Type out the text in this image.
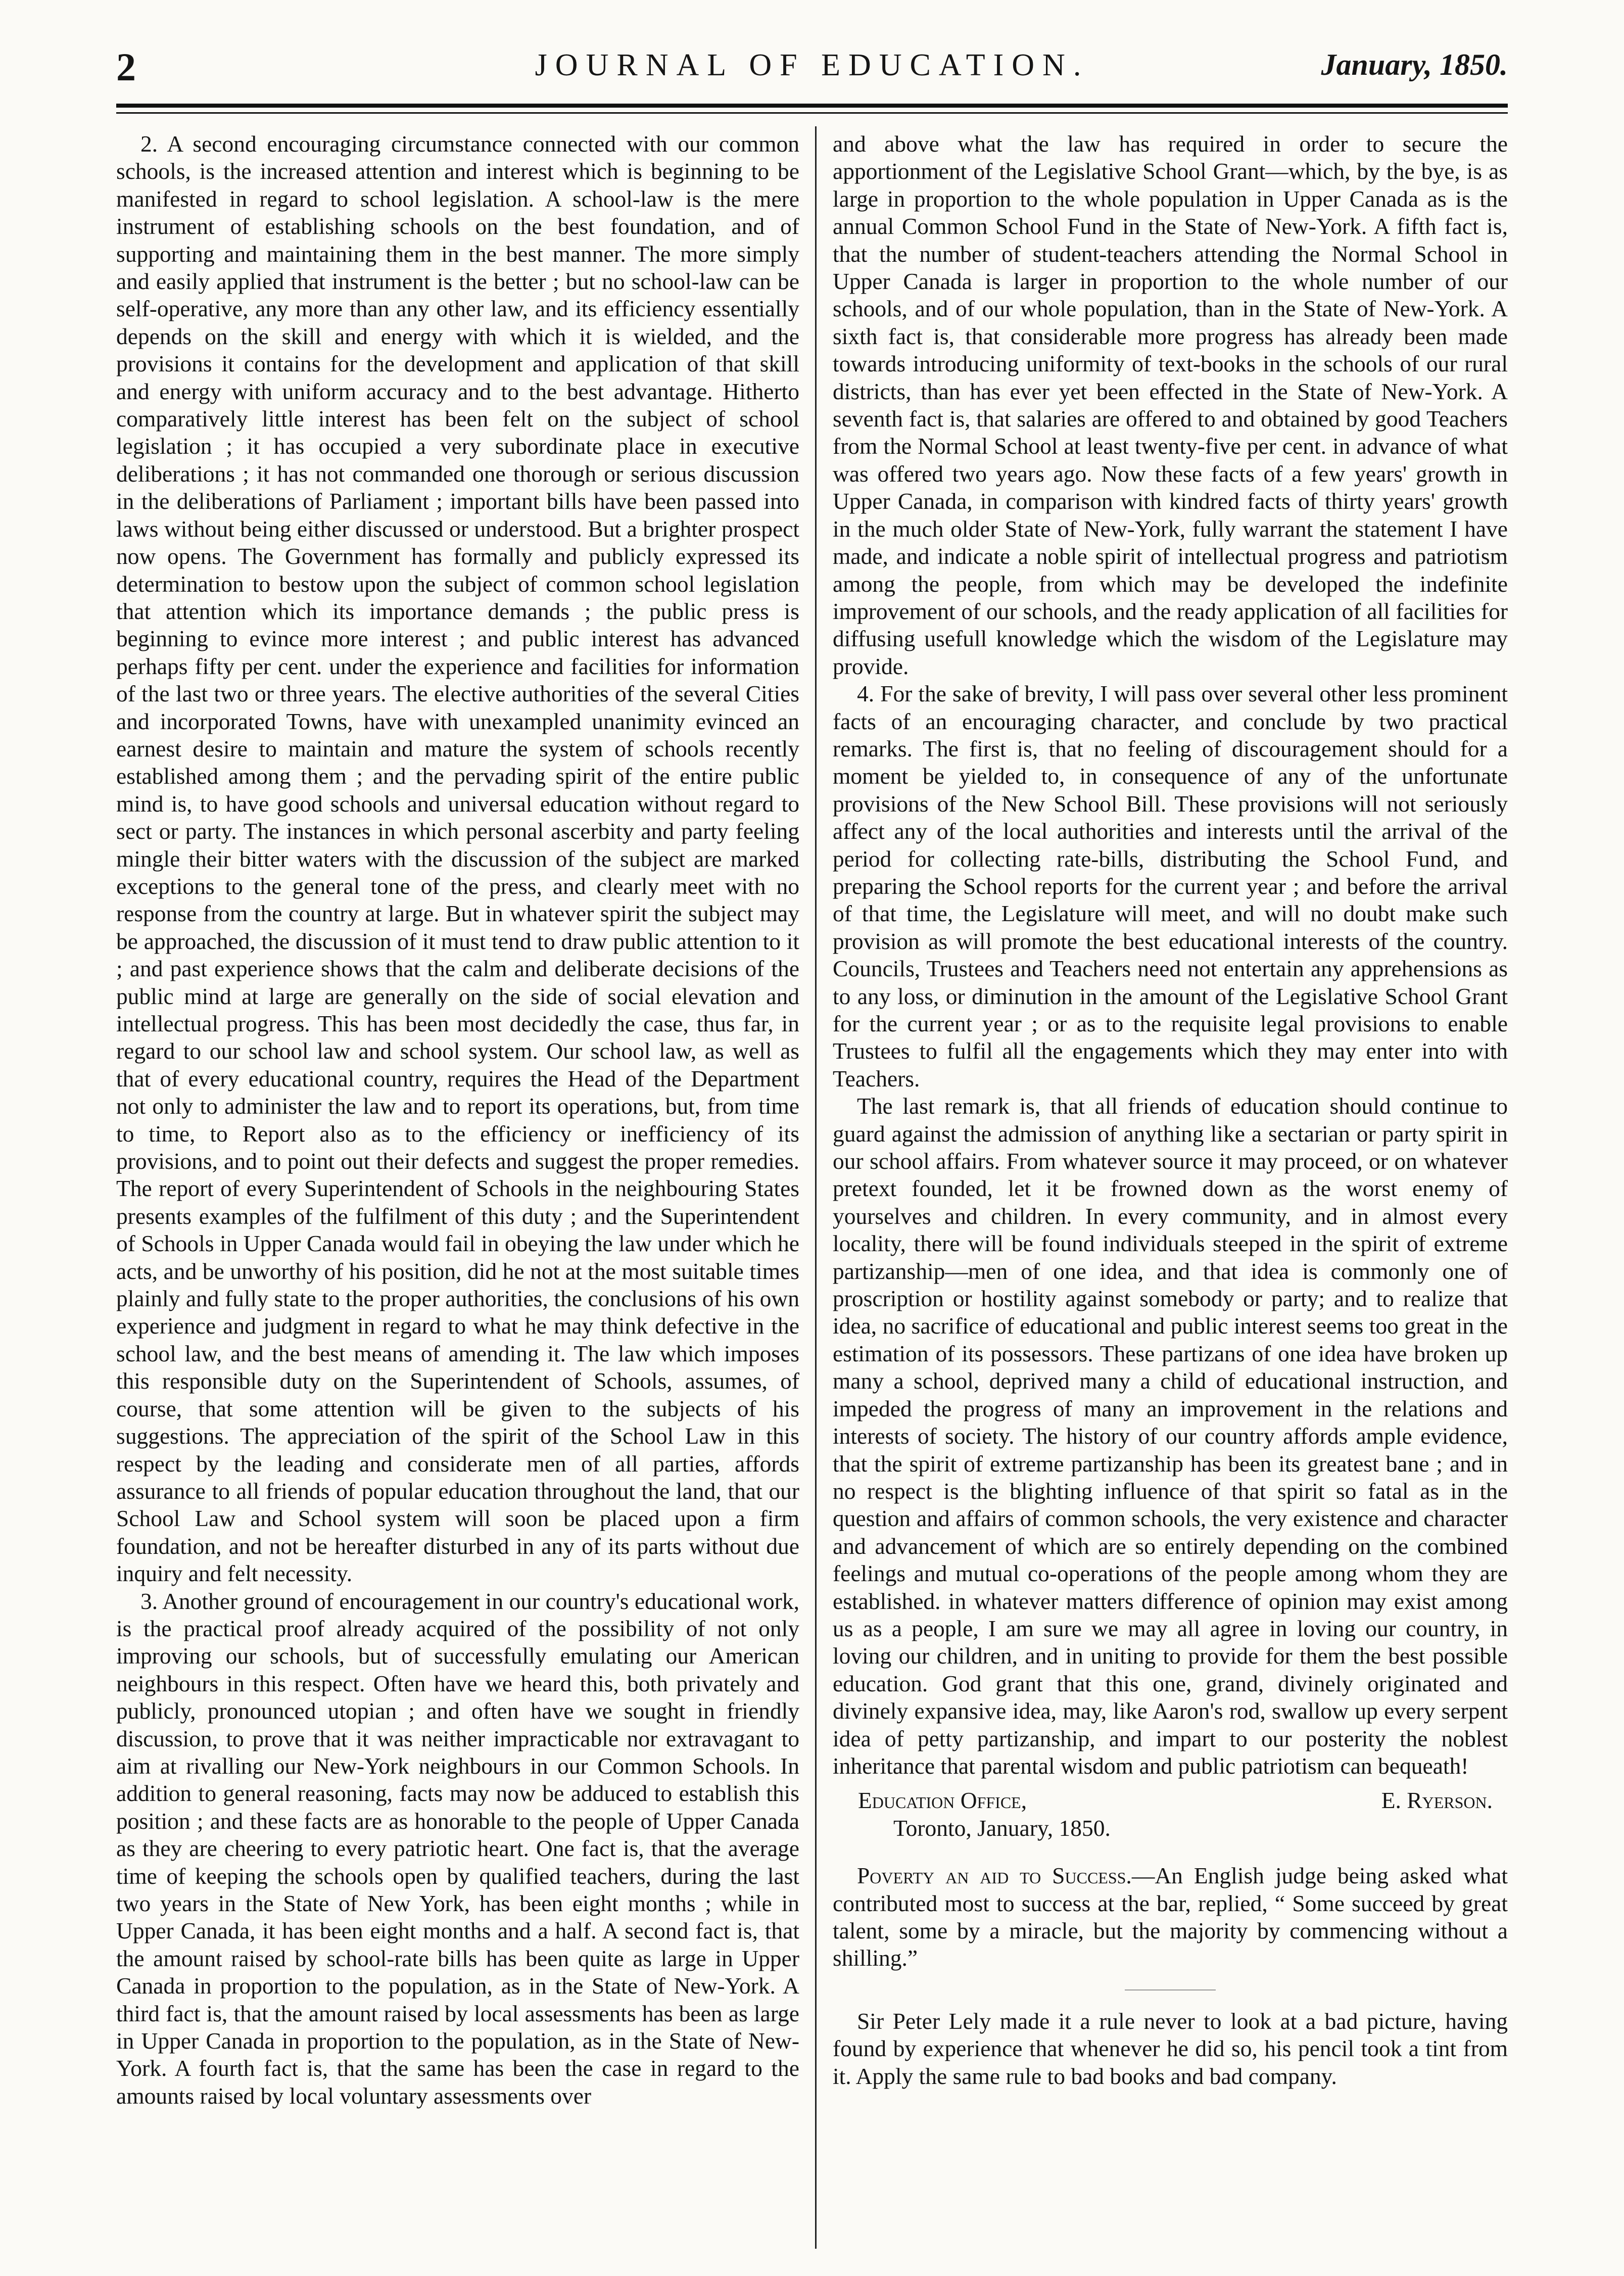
2	JOURNAL OF EDUCATION.	January, 1850.

2. A second encouraging circumstance connected with our common schools, is the increased attention and interest which is beginning to be manifested in regard to school legislation. A school-law is the mere instrument of establishing schools on the best foundation, and of supporting and maintaining them in the best manner. The more simply and easily applied that instrument is the better ; but no school-law can be self-operative, any more than any other law, and its efficiency essentially depends on the skill and energy with which it is wielded, and the provisions it contains for the development and application of that skill and energy with uniform accuracy and to the best advantage. Hitherto comparatively little interest has been felt on the subject of school legislation ; it has occupied a very subordinate place in executive deliberations ; it has not commanded one thorough or serious discussion in the deliberations of Parliament ; important bills have been passed into laws without being either discussed or understood. But a brighter prospect now opens. The Government has formally and publicly expressed its determination to bestow upon the subject of common school legislation that attention which its importance demands ; the public press is beginning to evince more interest ; and public interest has advanced perhaps fifty per cent. under the experience and facilities for information of the last two or three years. The elective authorities of the several Cities and incorporated Towns, have with unexampled unanimity evinced an earnest desire to maintain and mature the system of schools recently established among them ; and the pervading spirit of the entire public mind is, to have good schools and universal education without regard to sect or party. The instances in which personal ascerbity and party feeling mingle their bitter waters with the discussion of the subject are marked exceptions to the general tone of the press, and clearly meet with no response from the country at large. But in whatever spirit the subject may be approached, the discussion of it must tend to draw public attention to it ; and past experience shows that the calm and deliberate decisions of the public mind at large are generally on the side of social elevation and intellectual progress. This has been most decidedly the case, thus far, in regard to our school law and school system. Our school law, as well as that of every educational country, requires the Head of the Department not only to administer the law and to report its operations, but, from time to time, to Report also as to the efficiency or inefficiency of its provisions, and to point out their defects and suggest the proper remedies. The report of every Superintendent of Schools in the neighbouring States presents examples of the fulfilment of this duty ; and the Superintendent of Schools in Upper Canada would fail in obeying the law under which he acts, and be unworthy of his position, did he not at the most suitable times plainly and fully state to the proper authorities, the conclusions of his own experience and judgment in regard to what he may think defective in the school law, and the best means of amending it. The law which imposes this responsible duty on the Superintendent of Schools, assumes, of course, that some attention will be given to the subjects of his suggestions. The appreciation of the spirit of the School Law in this respect by the leading and considerate men of all parties, affords assurance to all friends of popular education throughout the land, that our School Law and School system will soon be placed upon a firm foundation, and not be hereafter disturbed in any of its parts without due inquiry and felt necessity.

3. Another ground of encouragement in our country's educational work, is the practical proof already acquired of the possibility of not only improving our schools, but of successfully emulating our American neighbours in this respect. Often have we heard this, both privately and publicly, pronounced utopian ; and often have we sought in friendly discussion, to prove that it was neither impracticable nor extravagant to aim at rivalling our New-York neighbours in our Common Schools. In addition to general reasoning, facts may now be adduced to establish this position ; and these facts are as honorable to the people of Upper Canada as they are cheering to every patriotic heart. One fact is, that the average time of keeping the schools open by qualified teachers, during the last two years in the State of New York, has been eight months ; while in Upper Canada, it has been eight months and a half. A second fact is, that the amount raised by school-rate bills has been quite as large in Upper Canada in proportion to the population, as in the State of New-York. A third fact is, that the amount raised by local assessments has been as large in Upper Canada in proportion to the population, as in the State of New-York. A fourth fact is, that the same has been the case in regard to the amounts raised by local voluntary assessments over

and above what the law has required in order to secure the apportionment of the Legislative School Grant—which, by the bye, is as large in proportion to the whole population in Upper Canada as is the annual Common School Fund in the State of New-York. A fifth fact is, that the number of student-teachers attending the Normal School in Upper Canada is larger in proportion to the whole number of our schools, and of our whole population, than in the State of New-York. A sixth fact is, that considerable more progress has already been made towards introducing uniformity of text-books in the schools of our rural districts, than has ever yet been effected in the State of New-York. A seventh fact is, that salaries are offered to and obtained by good Teachers from the Normal School at least twenty-five per cent. in advance of what was offered two years ago. Now these facts of a few years' growth in Upper Canada, in comparison with kindred facts of thirty years' growth in the much older State of New-York, fully warrant the statement I have made, and indicate a noble spirit of intellectual progress and patriotism among the people, from which may be developed the indefinite improvement of our schools, and the ready application of all facilities for diffusing usefull knowledge which the wisdom of the Legislature may provide.

4. For the sake of brevity, I will pass over several other less prominent facts of an encouraging character, and conclude by two practical remarks. The first is, that no feeling of discouragement should for a moment be yielded to, in consequence of any of the unfortunate provisions of the New School Bill. These provisions will not seriously affect any of the local authorities and interests until the arrival of the period for collecting rate-bills, distributing the School Fund, and preparing the School reports for the current year ; and before the arrival of that time, the Legislature will meet, and will no doubt make such provision as will promote the best educational interests of the country. Councils, Trustees and Teachers need not entertain any apprehensions as to any loss, or diminution in the amount of the Legislative School Grant for the current year ; or as to the requisite legal provisions to enable Trustees to fulfil all the engagements which they may enter into with Teachers.

The last remark is, that all friends of education should continue to guard against the admission of anything like a sectarian or party spirit in our school affairs. From whatever source it may proceed, or on whatever pretext founded, let it be frowned down as the worst enemy of yourselves and children. In every community, and in almost every locality, there will be found individuals steeped in the spirit of extreme partizanship—men of one idea, and that idea is commonly one of proscription or hostility against somebody or party; and to realize that idea, no sacrifice of educational and public interest seems too great in the estimation of its possessors. These partizans of one idea have broken up many a school, deprived many a child of educational instruction, and impeded the progress of many an improvement in the relations and interests of society. The history of our country affords ample evidence, that the spirit of extreme partizanship has been its greatest bane ; and in no respect is the blighting influence of that spirit so fatal as in the question and affairs of common schools, the very existence and character and advancement of which are so entirely depending on the combined feelings and mutual co-operations of the people among whom they are established. in whatever matters difference of opinion may exist among us as a people, I am sure we may all agree in loving our country, in loving our children, and in uniting to provide for them the best possible education. God grant that this one, grand, divinely originated and divinely expansive idea, may, like Aaron's rod, swallow up every serpent idea of petty partizanship, and impart to our posterity the noblest inheritance that parental wisdom and public patriotism can bequeath!

Education Office,	E. Ryerson.
Toronto, January, 1850.

Poverty an aid to Success.—An English judge being asked what contributed most to success at the bar, replied, “ Some succeed by great talent, some by a miracle, but the majority by commencing without a shilling.”

Sir Peter Lely made it a rule never to look at a bad picture, having found by experience that whenever he did so, his pencil took a tint from it. Apply the same rule to bad books and bad company.
